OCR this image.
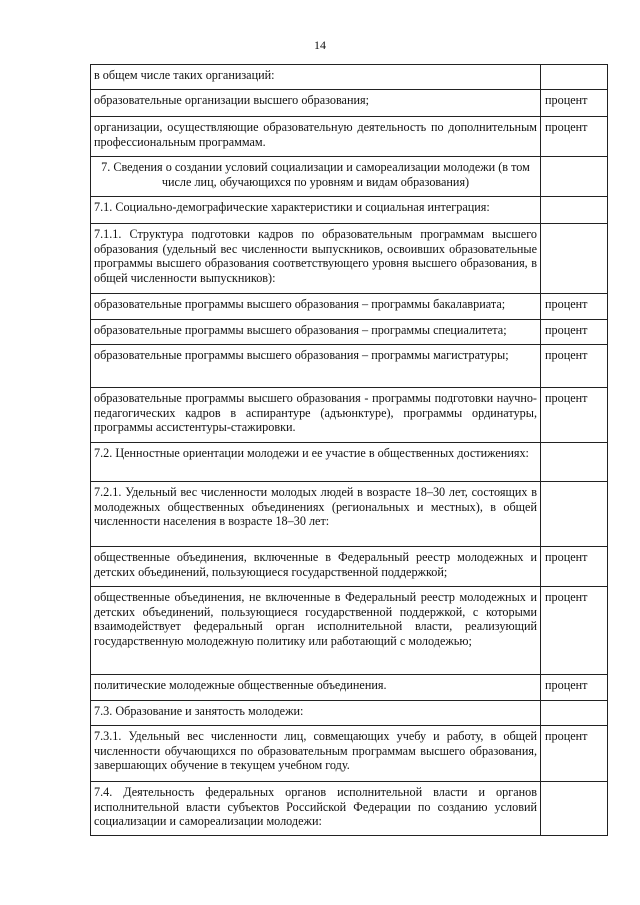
14
в общем числе таких организаций:	
образовательные организации высшего образования;	процент
организации, осуществляющие образовательную деятельность по дополнительным профессиональным программам.	процент
7. Сведения о создании условий социализации и самореализации молодежи (в том числе лиц, обучающихся по уровням и видам образования)	
7.1. Социально-демографические характеристики и социальная интеграция:	
7.1.1. Структура подготовки кадров по образовательным программам высшего образования (удельный вес численности выпускников, освоивших образовательные программы высшего образования соответствующего уровня высшего образования, в общей численности выпускников):	
образовательные программы высшего образования – программы бакалавриата;	процент
образовательные программы высшего образования – программы специалитета;	процент
образовательные программы высшего образования – программы магистратуры;	процент
образовательные программы высшего образования - программы подготовки научно-педагогических кадров в аспирантуре (адъюнктуре), программы ординатуры, программы ассистентуры-стажировки.	процент
7.2. Ценностные ориентации молодежи и ее участие в общественных достижениях:	
7.2.1. Удельный вес численности молодых людей в возрасте 18–30 лет, состоящих в молодежных общественных объединениях (региональных и местных), в общей численности населения в возрасте 18–30 лет:	
общественные объединения, включенные в Федеральный реестр молодежных и детских объединений, пользующиеся государственной поддержкой;	процент
общественные объединения, не включенные в Федеральный реестр молодежных и детских объединений, пользующиеся государственной поддержкой, с которыми взаимодействует федеральный орган исполнительной власти, реализующий государственную молодежную политику или работающий с молодежью;	процент
политические молодежные общественные объединения.	процент
7.3. Образование и занятость молодежи:	
7.3.1. Удельный вес численности лиц, совмещающих учебу и работу, в общей численности обучающихся по образовательным программам высшего образования, завершающих обучение в текущем учебном году.	процент
7.4. Деятельность федеральных органов исполнительной власти и органов исполнительной власти субъектов Российской Федерации по созданию условий социализации и самореализации молодежи:	
